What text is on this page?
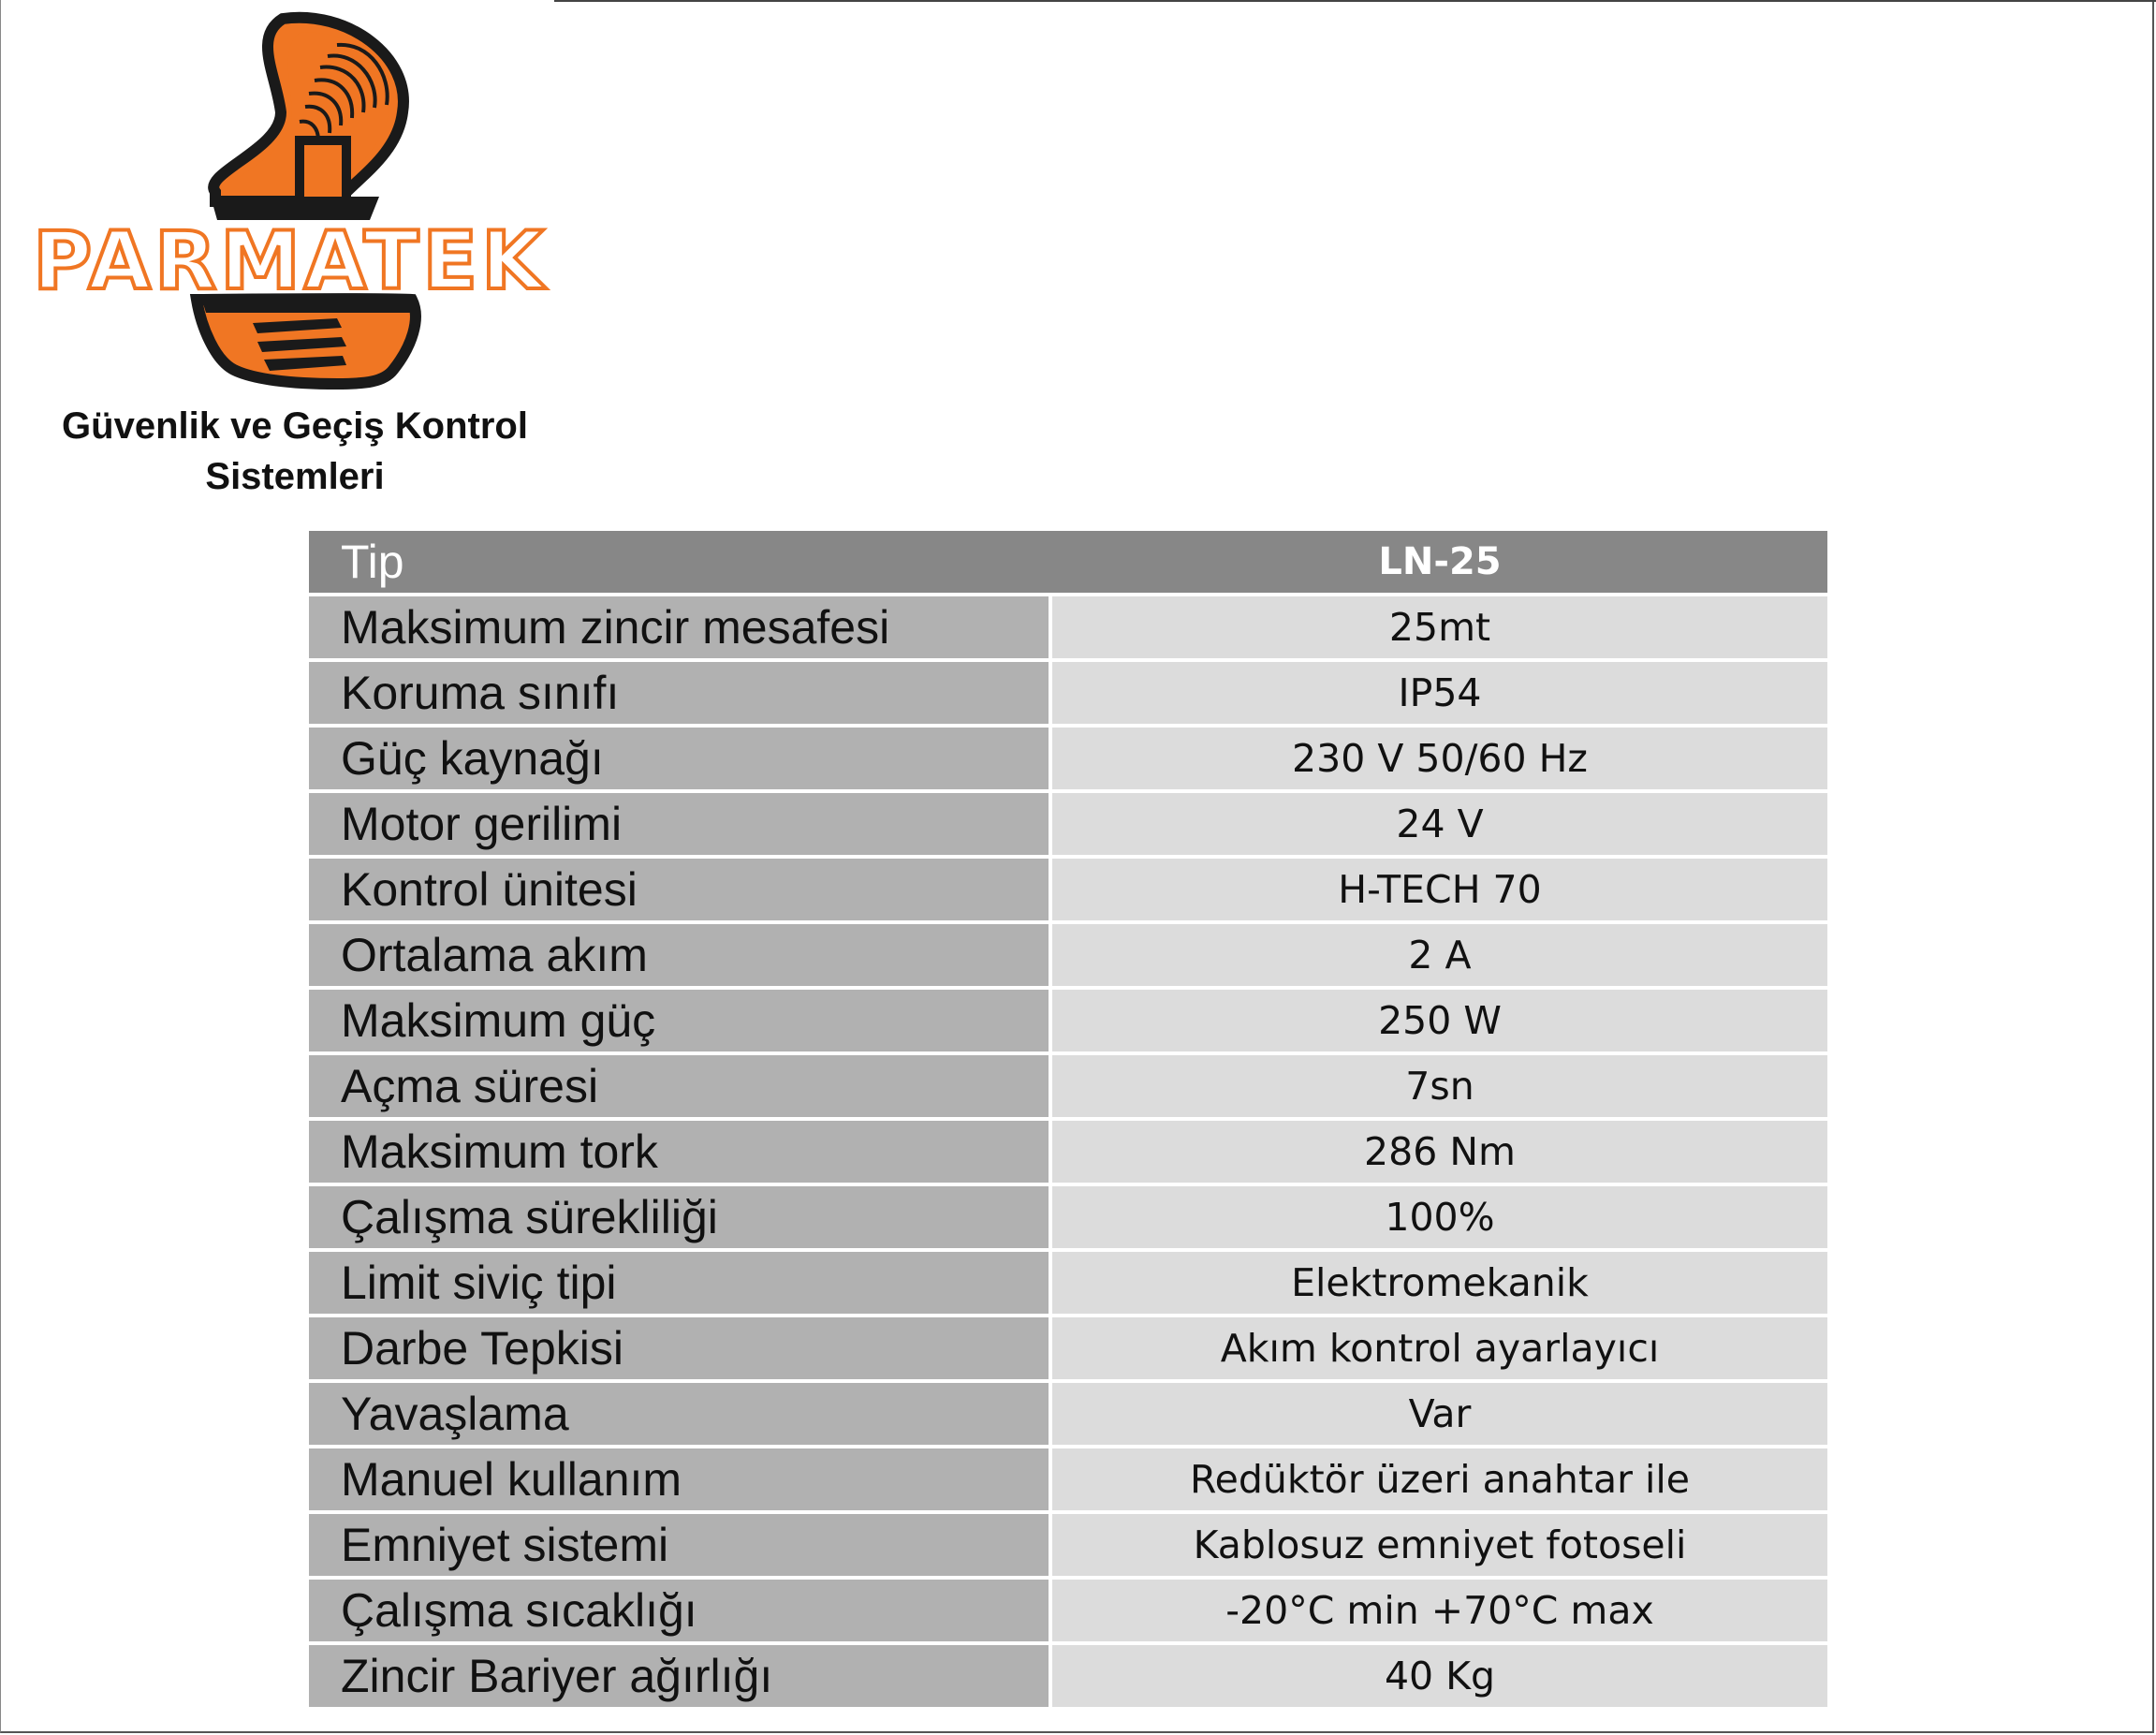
PARMATEK
Güvenlik ve Geçiş Kontrol
Sistemleri
Tip	LN-25
Maksimum zincir mesafesi	25mt
Koruma sınıfı	IP54
Güç kaynağı	230 V 50/60 Hz
Motor gerilimi	24 V
Kontrol ünitesi	H-TECH 70
Ortalama akım	2 A
Maksimum güç	250 W
Açma süresi	7sn
Maksimum tork	286 Nm
Çalışma sürekliliği	100%
Limit siviç tipi	Elektromekanik
Darbe Tepkisi	Akım kontrol ayarlayıcı
Yavaşlama	Var
Manuel kullanım	Redüktör üzeri anahtar ile
Emniyet sistemi	Kablosuz emniyet fotoseli
Çalışma sıcaklığı	-20°C min +70°C max
Zincir Bariyer ağırlığı	40 Kg
